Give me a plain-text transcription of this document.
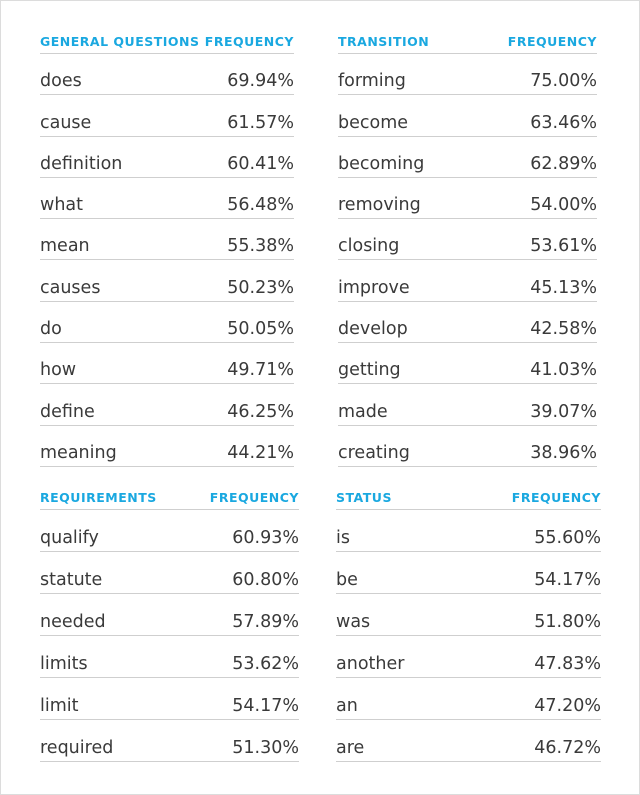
GENERAL QUESTIONS FREQUENCY
does	69.94%
cause	61.57%
definition	60.41%
what	56.48%
mean	55.38%
causes	50.23%
do	50.05%
how	49.71%
define	46.25%
meaning	44.21%
TRANSITION	FREQUENCY
forming	75.00%
become	63.46%
becoming	62.89%
removing	54.00%
closing	53.61%
improve	45.13%
develop	42.58%
getting	41.03%
made	39.07%
creating	38.96%
REQUIREMENTS	FREQUENCY
qualify	60.93%
statute	60.80%
needed	57.89%
limits	53.62%
limit	54.17%
required	51.30%
STATUS	FREQUENCY
is	55.60%
be	54.17%
was	51.80%
another	47.83%
an	47.20%
are	46.72%
